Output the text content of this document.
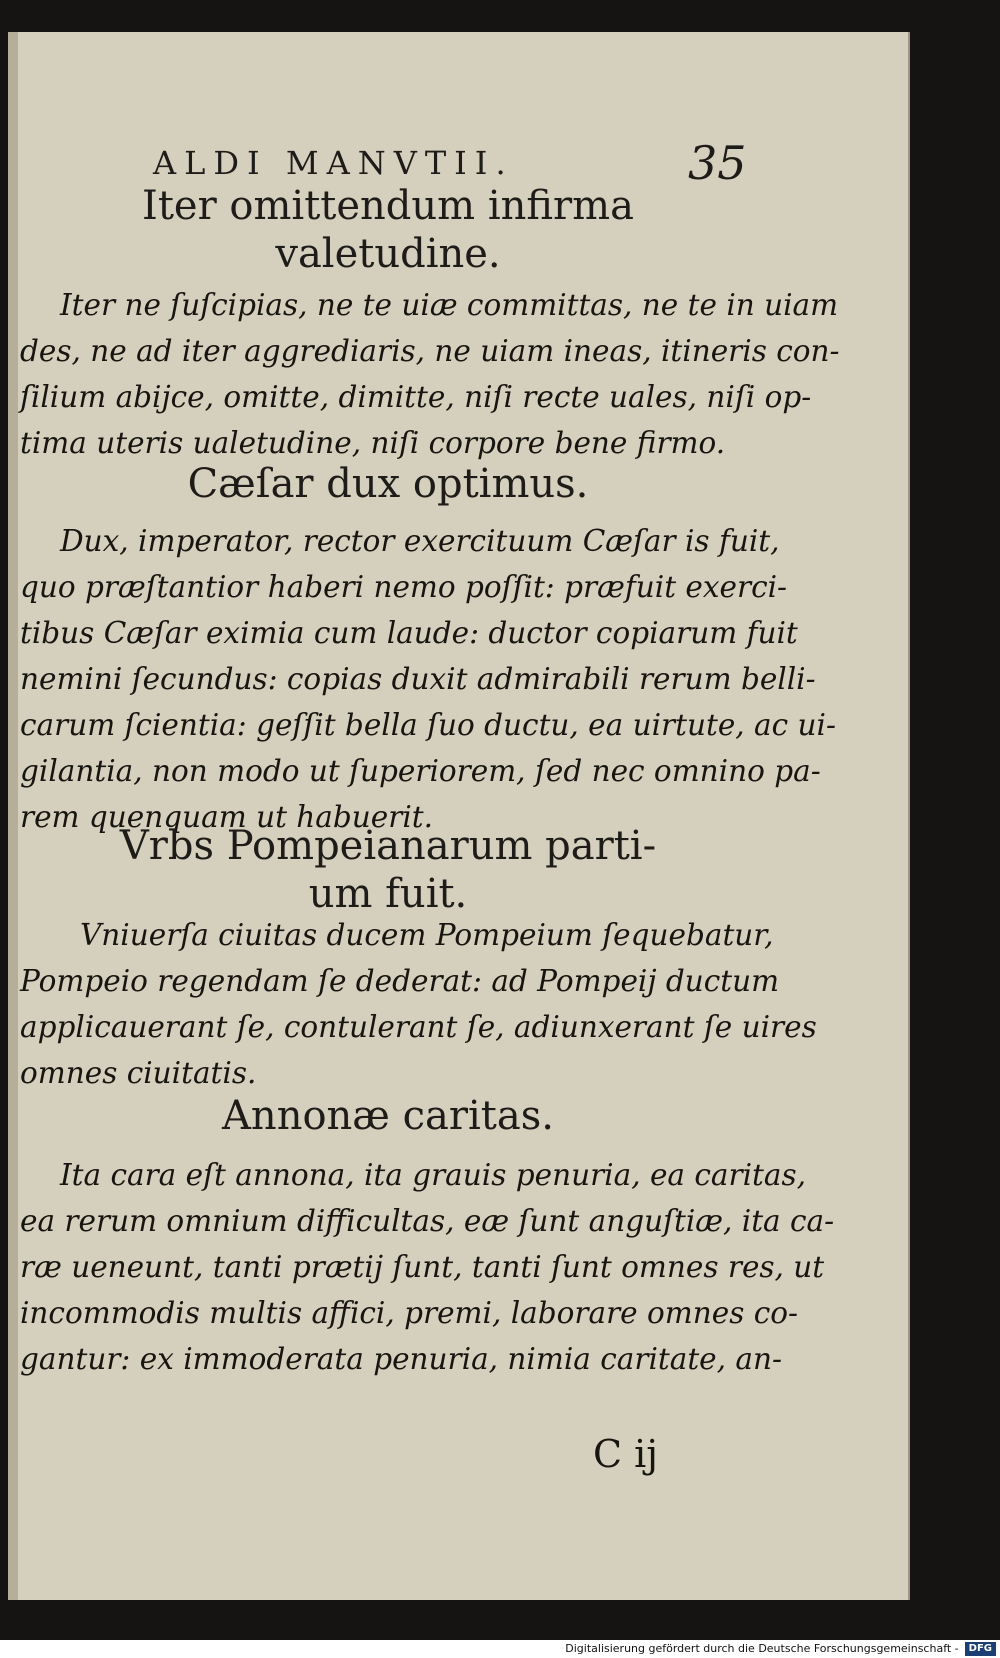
ALDI MANVTII.	35
Iter omittendum infirma
valetudine.
Iter ne ſuſcipias, ne te uiæ committas, ne te in uiam
des, ne ad iter aggrediaris, ne uiam ineas, itineris con-
ſilium abijce, omitte, dimitte, niſi recte uales, niſi op-
tima uteris ualetudine, niſi corpore bene firmo.
Cæſar dux optimus.
Dux, imperator, rector exercituum Cæſar is fuit,
quo præſtantior haberi nemo poſſit: præfuit exerci-
tibus Cæſar eximia cum laude: ductor copiarum fuit
nemini ſecundus: copias duxit admirabili rerum belli-
carum ſcientia: geſſit bella ſuo ductu, ea uirtute, ac ui-
gilantia, non modo ut ſuperiorem, ſed nec omnino pa-
rem quenquam ut habuerit.
Vrbs Pompeianarum parti-
um fuit.
Vniuerſa ciuitas ducem Pompeium ſequebatur,
Pompeio regendam ſe dederat: ad Pompeij ductum
applicauerant ſe, contulerant ſe, adiunxerant ſe uires
omnes ciuitatis.
Annonæ caritas.
Ita cara eſt annona, ita grauis penuria, ea caritas,
ea rerum omnium difficultas, eæ ſunt anguſtiæ, ita ca-
ræ ueneunt, tanti prætij ſunt, tanti ſunt omnes res, ut
incommodis multis affici, premi, laborare omnes co-
gantur: ex immoderata penuria, nimia caritate, an-
C ij
Digitalisierung gefördert durch die Deutsche Forschungsgemeinschaft - DFG
